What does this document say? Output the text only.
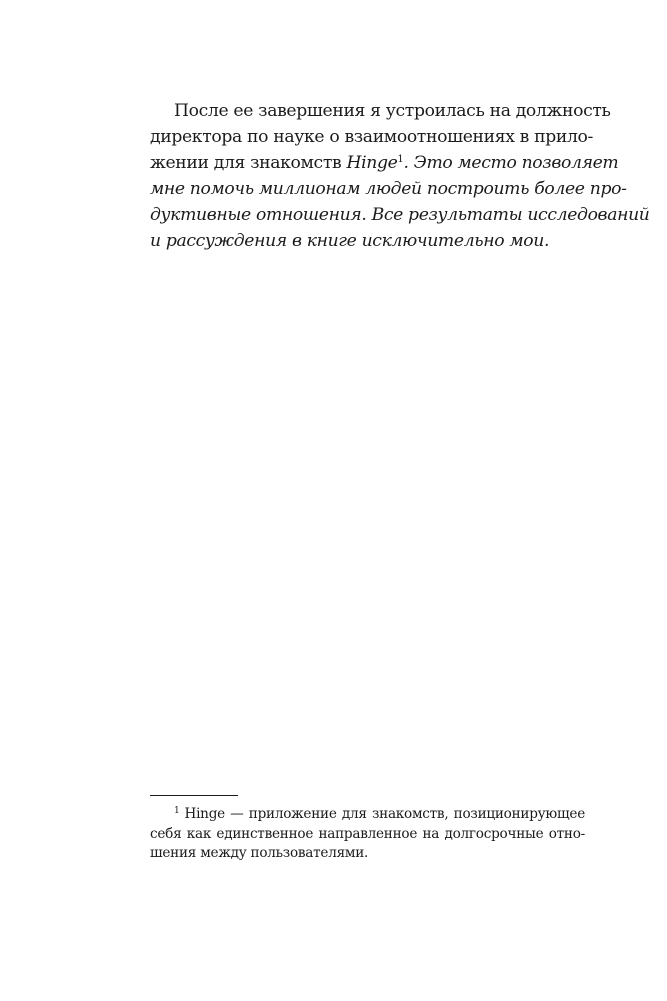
После ее завершения я устроилась на должность
директора по науке о взаимоотношениях в прило-
жении для знакомств Hinge$^1$. Это место позволяет
мне помочь миллионам людей построить более про-
дуктивные отношения. Все результаты исследований
и рассуждения в книге исключительно мои.
$^1$ Hinge — приложение для знакомств, позиционирующее
себя как единственное направленное на долгосрочные отно-
шения между пользователями.
